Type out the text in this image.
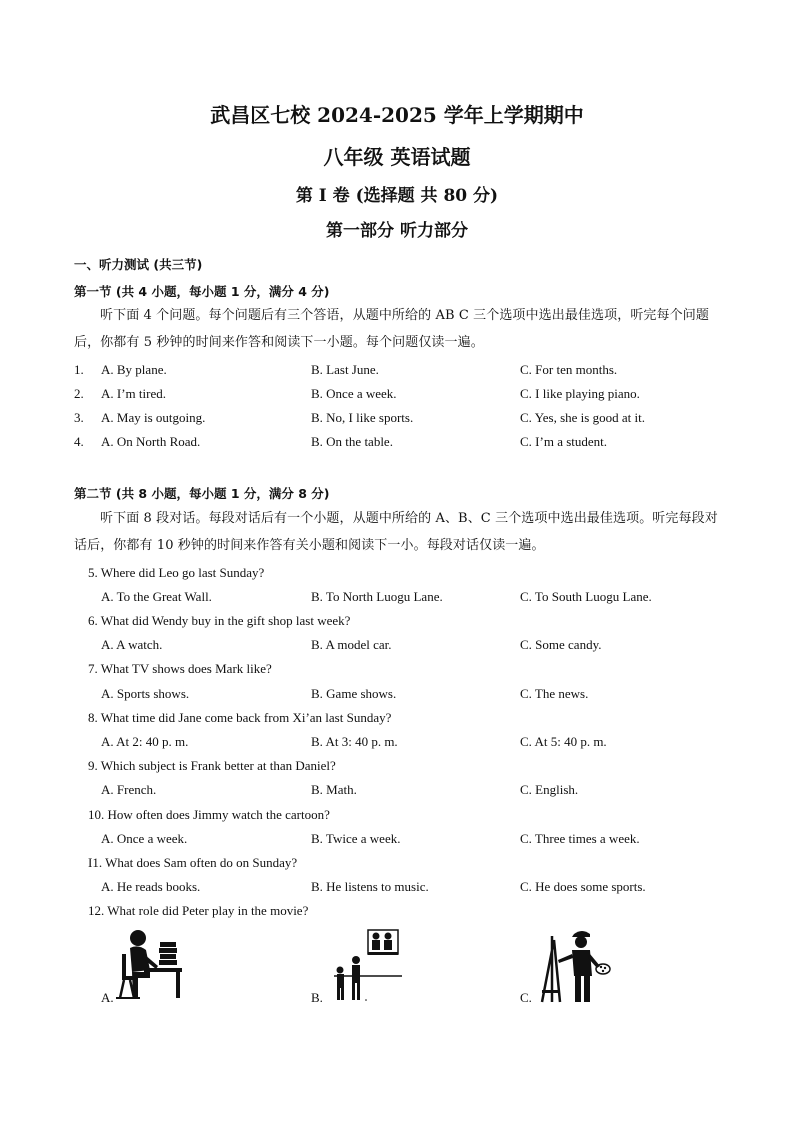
武昌区七校 2024-2025 学年上学期期中
八年级 英语试题
第 I 卷 (选择题 共 80 分)
第一部分 听力部分
一、听力测试 (共三节)
第一节 (共 4 小题，每小题 1 分，满分 4 分)
听下面 4 个问题。每个问题后有三个答语，从题中所给的 AB C 三个选项中选出最佳选项，听完每个问题后，你都有 5 秒钟的时间来作答和阅读下一小题。每个问题仅读一遍。
1. A. By plane.	B. Last June.	C. For ten months.
2. A. I’m tired.	B. Once a week.	C. I like playing piano.
3. A. May is outgoing.	B. No, I like sports.	C. Yes, she is good at it.
4. A. On North Road.	B. On the table.	C. I’m a student.
第二节 (共 8 小题，每小题 1 分，满分 8 分)
听下面 8 段对话。每段对话后有一个小题，从题中所给的 A、B、C 三个选项中选出最佳选项。听完每段对话后，你都有 10 秒钟的时间来作答有关小题和阅读下一小。每段对话仅读一遍。
5. Where did Leo go last Sunday?
A. To the Great Wall.	B. To North Luogu Lane.	C. To South Luogu Lane.
6. What did Wendy buy in the gift shop last week?
A. A watch.	B. A model car.	C. Some candy.
7. What TV shows does Mark like?
A. Sports shows.	B. Game shows.	C. The news.
8. What time did Jane come back from Xi’an last Sunday?
A. At 2: 40 p. m.	B. At 3: 40 p. m.	C. At 5: 40 p. m.
9. Which subject is Frank better at than Daniel?
A. French.	B. Math.	C. English.
10. How often does Jimmy watch the cartoon?
A. Once a week.	B. Twice a week.	C. Three times a week.
I1. What does Sam often do on Sunday?
A. He reads books.	B. He listens to music.	C. He does some sports.
12. What role did Peter play in the movie?
A.	B.	C.
